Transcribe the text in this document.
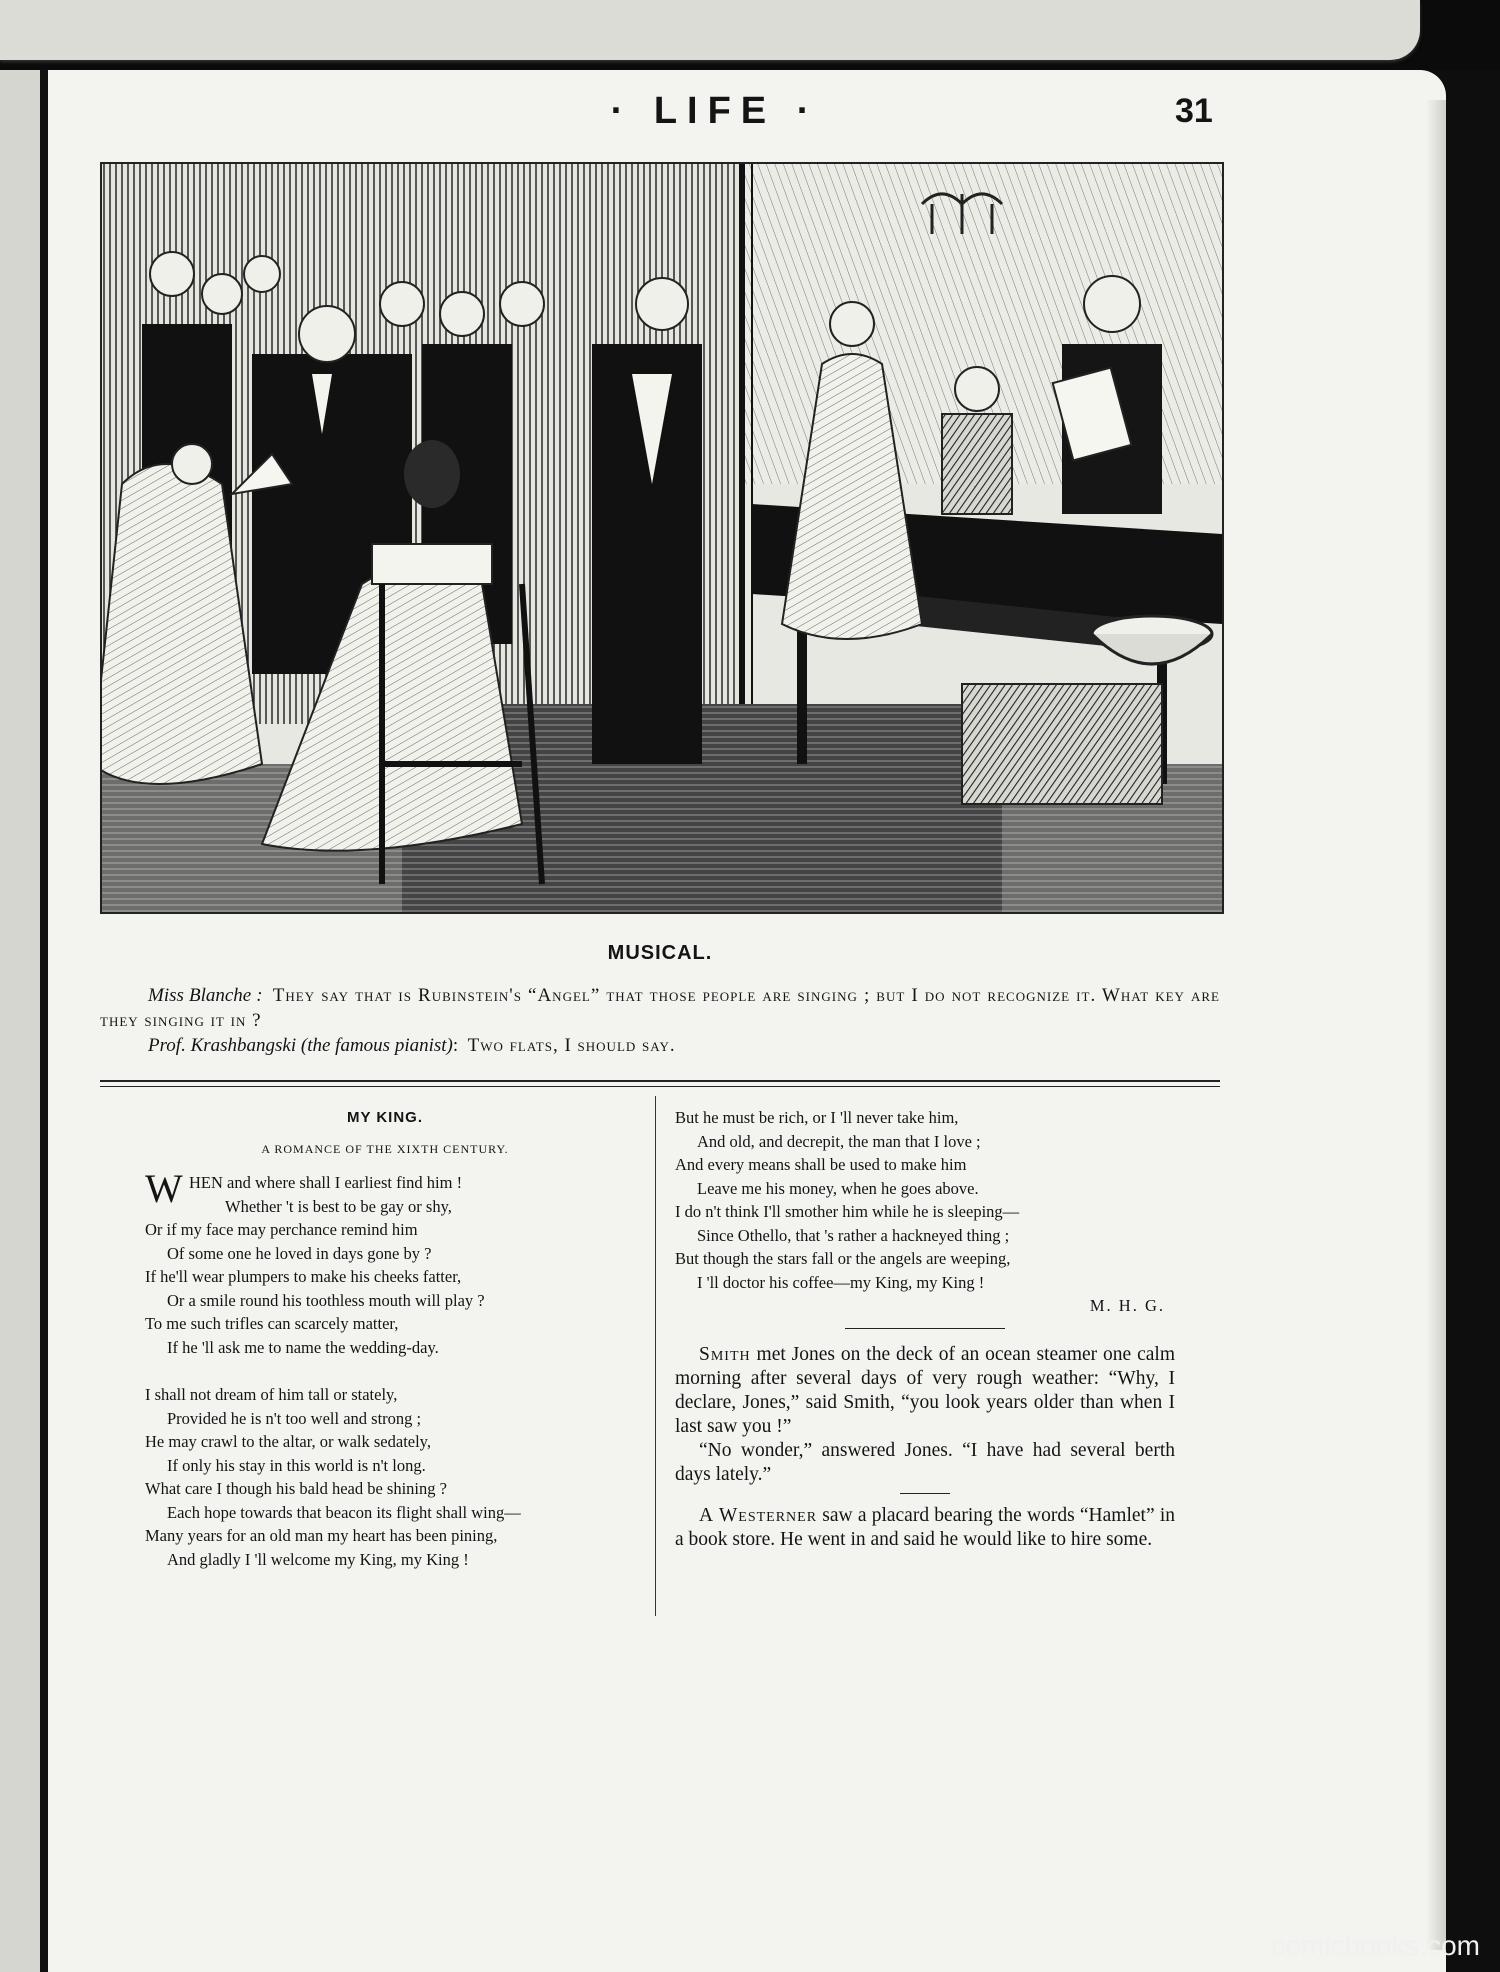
· LIFE ·	31
MUSICAL.

Miss Blanche : They say that is Rubinstein's “Angel” that those people are singing ; but I do not recognize it. What key are they singing it in ?

Prof. Krashbangski (the famous pianist): Two flats, I should say.

MY KING.
A ROMANCE OF THE XIXTH CENTURY.
W HEN and where shall I earliest find him !
Whether 't is best to be gay or shy,
Or if my face may perchance remind him
Of some one he loved in days gone by ?
If he'll wear plumpers to make his cheeks fatter,
Or a smile round his toothless mouth will play ?
To me such trifles can scarcely matter,
If he 'll ask me to name the wedding-day.
I shall not dream of him tall or stately,
Provided he is n't too well and strong ;
He may crawl to the altar, or walk sedately,
If only his stay in this world is n't long.
What care I though his bald head be shining ?
Each hope towards that beacon its flight shall wing—
Many years for an old man my heart has been pining,
And gladly I 'll welcome my King, my King !
But he must be rich, or I 'll never take him,
And old, and decrepit, the man that I love ;
And every means shall be used to make him
Leave me his money, when he goes above.
I do n't think I'll smother him while he is sleeping—
Since Othello, that 's rather a hackneyed thing ;
But though the stars fall or the angels are weeping,
I 'll doctor his coffee—my King, my King !
M. H. G.

Smith met Jones on the deck of an ocean steamer one calm morning after several days of very rough weather: “Why, I declare, Jones,” said Smith, “you look years older than when I last saw you !”

“No wonder,” answered Jones. “I have had several berth days lately.”

A Westerner saw a placard bearing the words “Hamlet” in a book store. He went in and said he would like to hire some.

comicbooks.com
